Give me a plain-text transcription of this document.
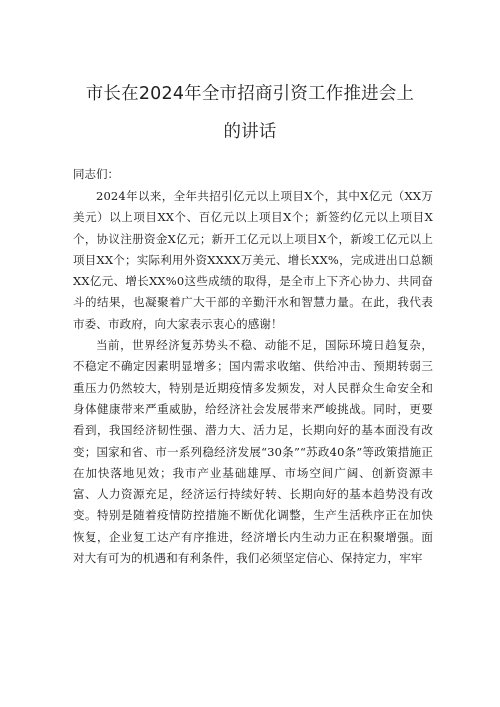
市长在2024年全市招商引资工作推进会上
的讲话

同志们：

2024年以来，全年共招引亿元以上项目X个，其中X亿元（XX万美元）以上项目XX个、百亿元以上项目X个；新签约亿元以上项目X个，协议注册资金X亿元；新开工亿元以上项目X个，新竣工亿元以上项目XX个；实际利用外资XXXX万美元、增长XX%，完成进出口总额XX亿元、增长XX%0这些成绩的取得，是全市上下齐心协力、共同奋斗的结果，也凝聚着广大干部的辛勤汗水和智慧力量。在此，我代表市委、市政府，向大家表示衷心的感谢！

当前，世界经济复苏势头不稳、动能不足，国际环境日趋复杂，不稳定不确定因素明显增多；国内需求收缩、供给冲击、预期转弱三重压力仍然较大，特别是近期疫情多发频发，对人民群众生命安全和身体健康带来严重威胁，给经济社会发展带来严峻挑战。同时，更要看到，我国经济韧性强、潜力大、活力足，长期向好的基本面没有改变；国家和省、市一系列稳经济发展“30条”“苏政40条”等政策措施正在加快落地见效；我市产业基础雄厚、市场空间广阔、创新资源丰富、人力资源充足，经济运行持续好转、长期向好的基本趋势没有改变。特别是随着疫情防控措施不断优化调整，生产生活秩序正在加快恢复，企业复工达产有序推进，经济增长内生动力正在积聚增强。面对大有可为的机遇和有利条件，我们必须坚定信心、保持定力，牢牢
